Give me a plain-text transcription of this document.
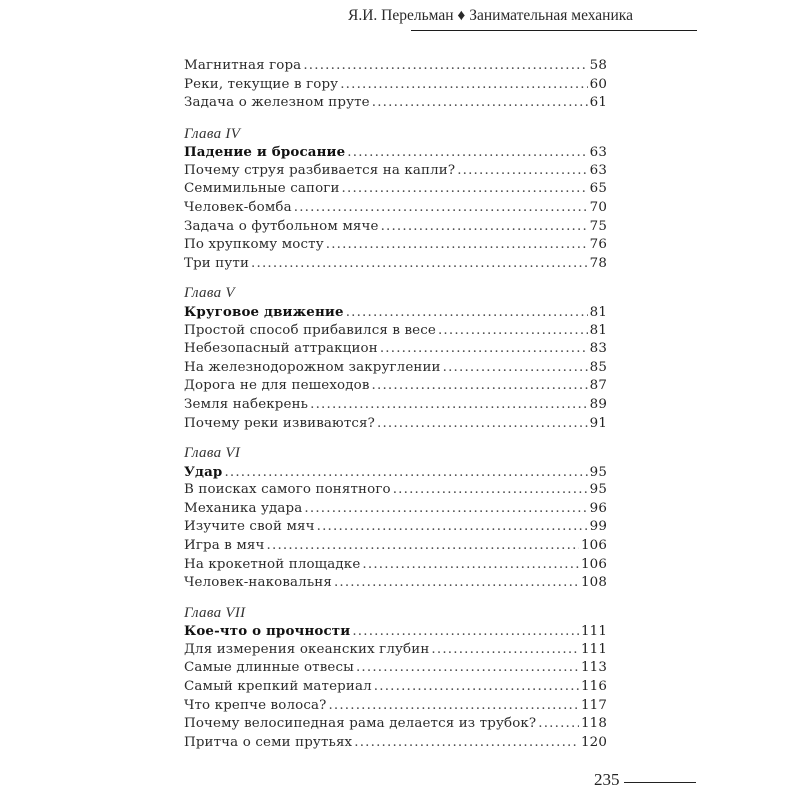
Я.И. Перельман ♦ Занимательная механика
Магнитная гора .....	58
Реки, текущие в гору .....	60
Задача о железном пруте .....	61
Глава IV
Падение и бросание .....	63
Почему струя разбивается на капли? .....	63
Семимильные сапоги .....	65
Человек-бомба .....	70
Задача о футбольном мяче .....	75
По хрупкому мосту .....	76
Три пути .....	78
Глава V
Круговое движение .....	81
Простой способ прибавился в весе .....	81
Небезопасный аттракцион .....	83
На железнодорожном закруглении .....	85
Дорога не для пешеходов .....	87
Земля набекрень .....	89
Почему реки извиваются? .....	91
Глава VI
Удар .....	95
В поисках самого понятного .....	95
Механика удара .....	96
Изучите свой мяч .....	99
Игра в мяч .....	106
На крокетной площадке .....	106
Человек-наковальня .....	108
Глава VII
Кое-что о прочности .....	111
Для измерения океанских глубин .....	111
Самые длинные отвесы .....	113
Самый крепкий материал .....	116
Что крепче волоса? .....	117
Почему велосипедная рама делается из трубок? .....	118
Притча о семи прутьях .....	120
235
